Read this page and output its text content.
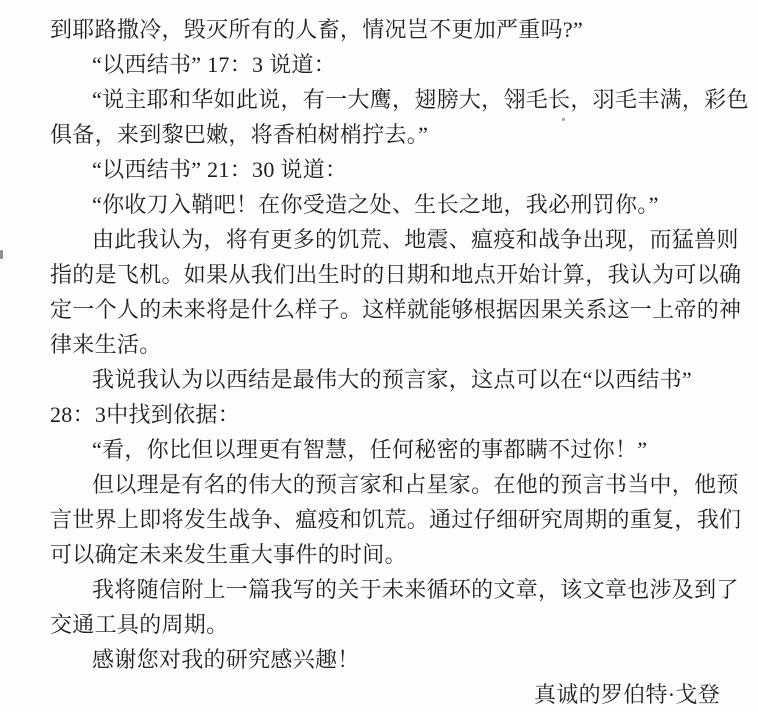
到耶路撒冷，毁灭所有的人畜，情况岂不更加严重吗?”
“以西结书” 17：3 说道：
“说主耶和华如此说，有一大鹰，翅膀大，翎毛长，羽毛丰满，彩色
俱备，来到黎巴嫩，将香柏树梢拧去。”
“以西结书” 21：30 说道：
“你收刀入鞘吧！在你受造之处、生长之地，我必刑罚你。”
由此我认为，将有更多的饥荒、地震、瘟疫和战争出现，而猛兽则
指的是飞机。如果从我们出生时的日期和地点开始计算，我认为可以确
定一个人的未来将是什么样子。这样就能够根据因果关系这一上帝的神
律来生活。
我说我认为以西结是最伟大的预言家，这点可以在“以西结书”
28：3中找到依据：
“看，你比但以理更有智慧，任何秘密的事都瞒不过你！”
但以理是有名的伟大的预言家和占星家。在他的预言书当中，他预
言世界上即将发生战争、瘟疫和饥荒。通过仔细研究周期的重复，我们
可以确定未来发生重大事件的时间。
我将随信附上一篇我写的关于未来循环的文章，该文章也涉及到了
交通工具的周期。
感谢您对我的研究感兴趣！
真诚的罗伯特·戈登
